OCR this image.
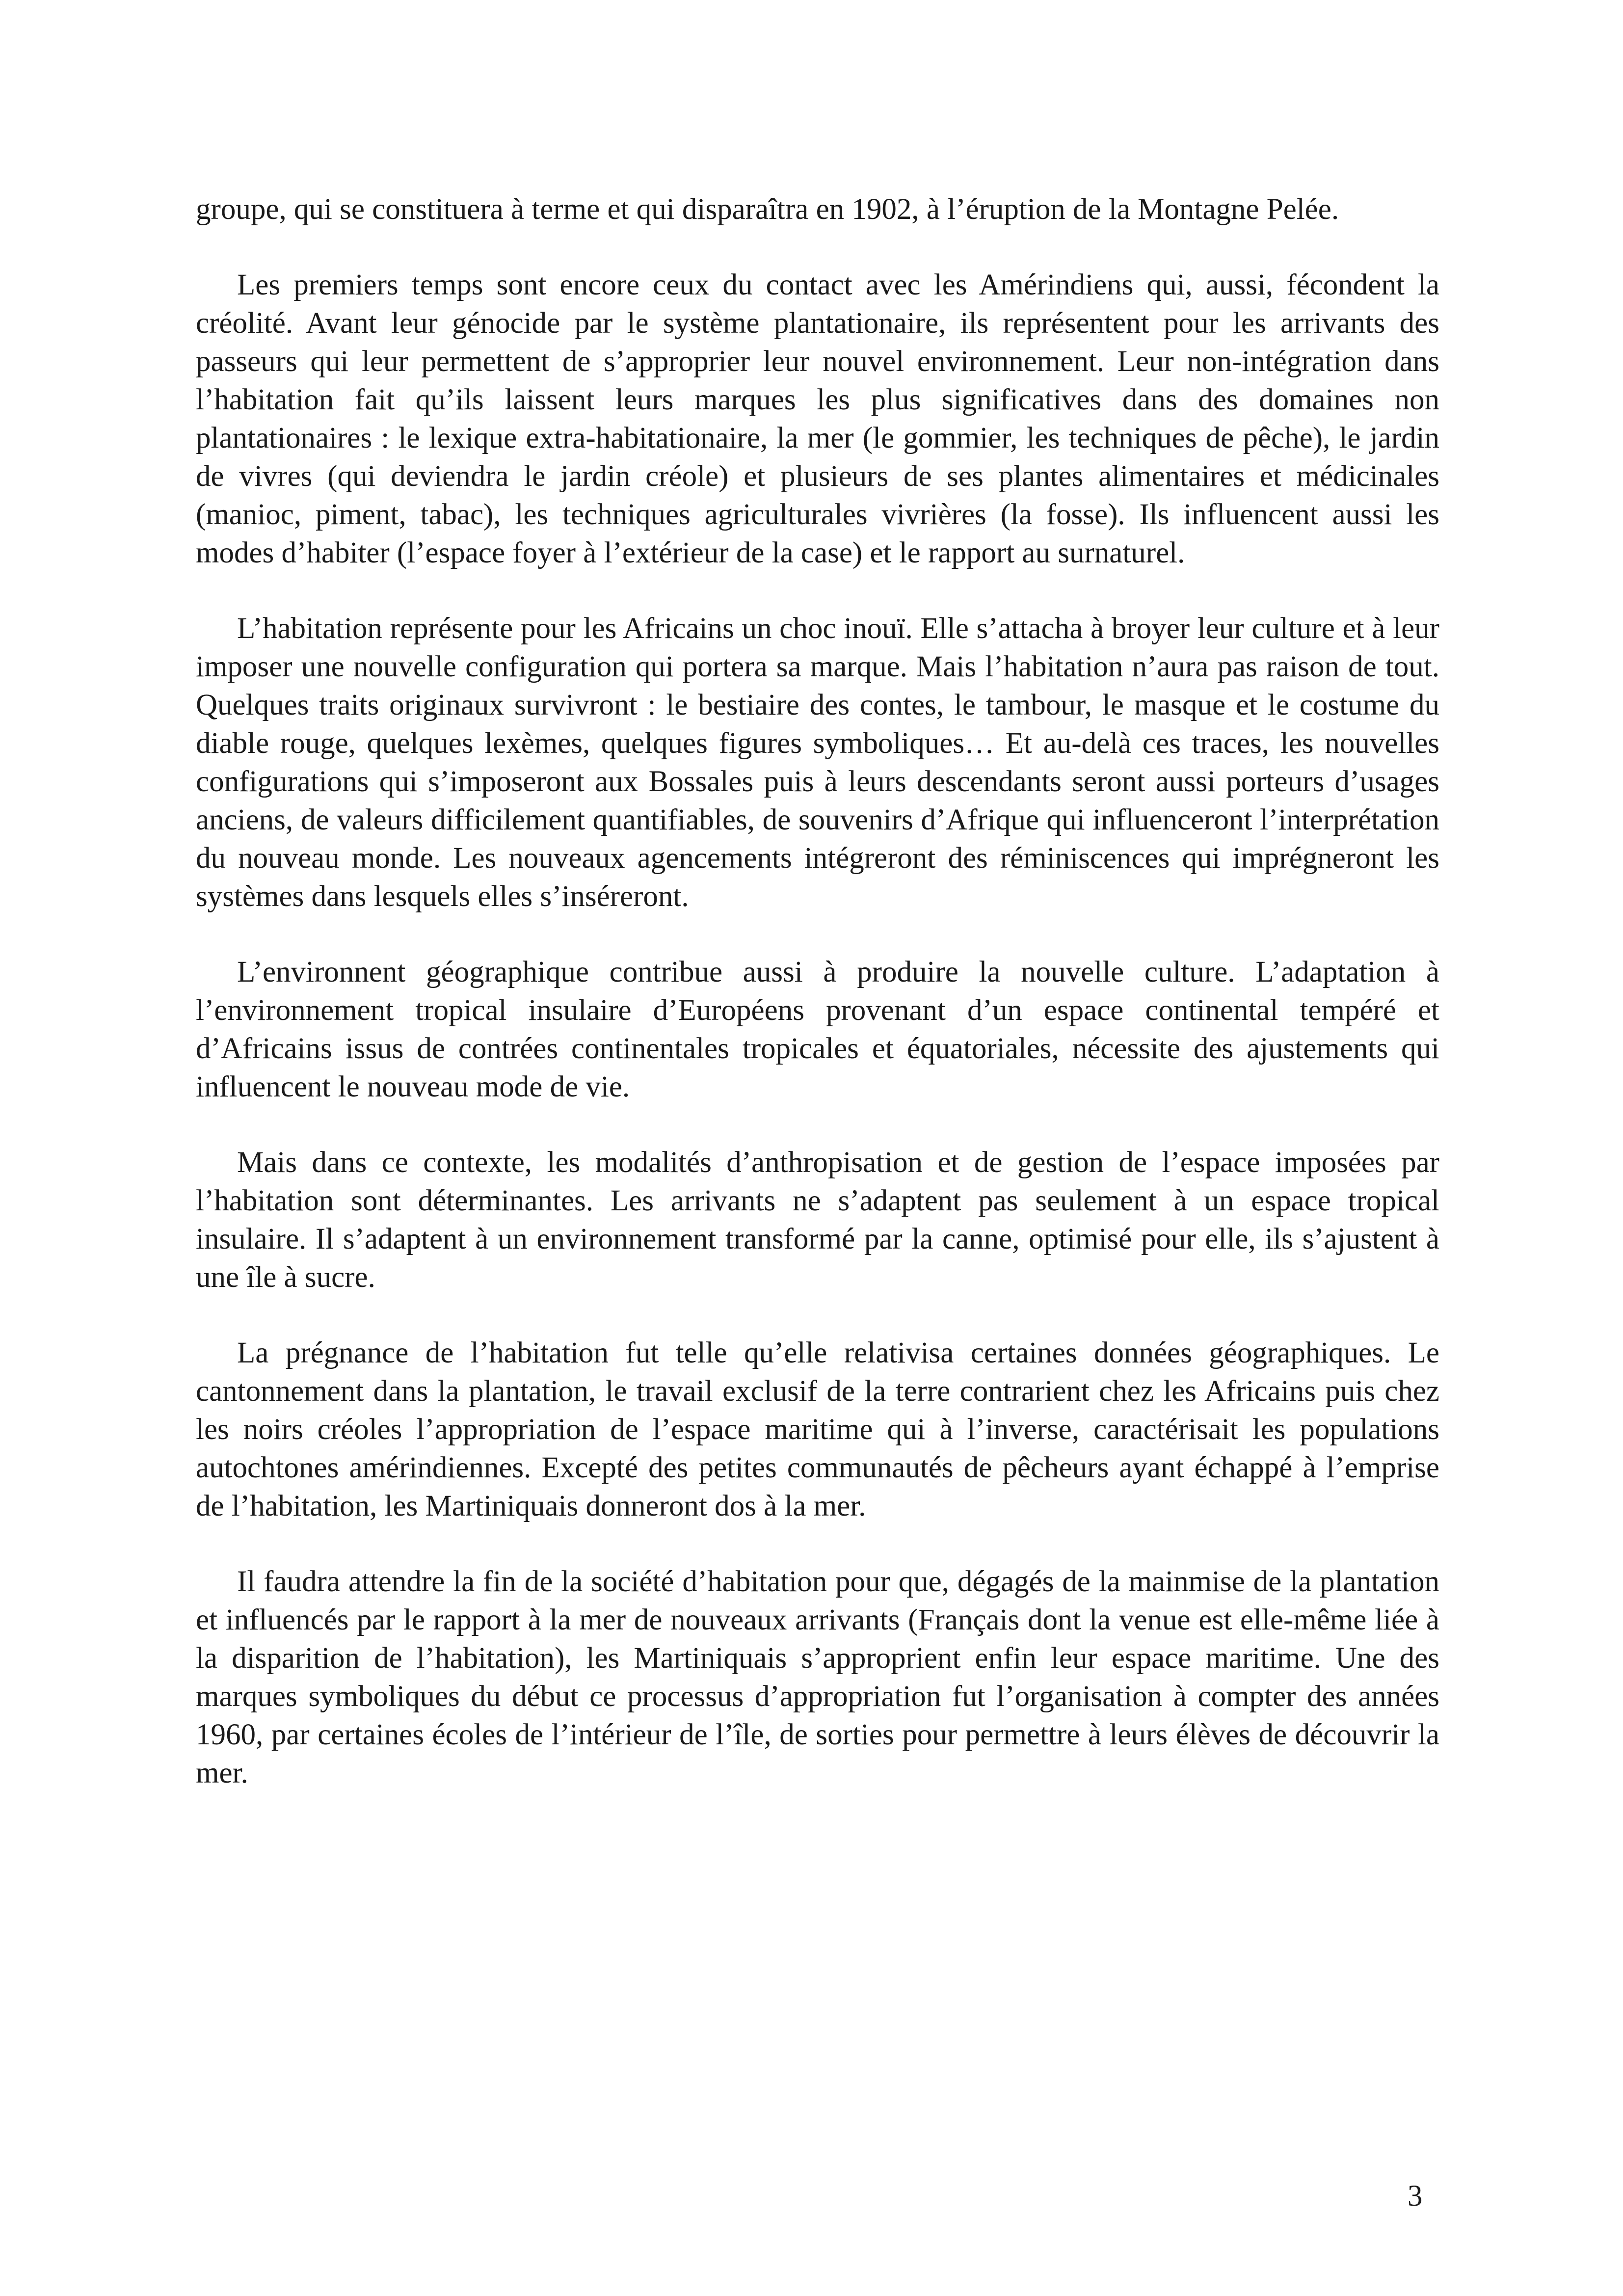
groupe, qui se constituera à terme et qui disparaîtra en 1902, à l’éruption de la Montagne Pelée.

Les premiers temps sont encore ceux du contact avec les Amérindiens qui, aussi, fécondent la créolité. Avant leur génocide par le système plantationaire, ils représentent pour les arrivants des passeurs qui leur permettent de s’approprier leur nouvel environnement. Leur non-intégration dans l’habitation fait qu’ils laissent leurs marques les plus significatives dans des domaines non plantationaires : le lexique extra-habitationaire, la mer (le gommier, les techniques de pêche), le jardin de vivres (qui deviendra le jardin créole) et plusieurs de ses plantes alimentaires et médicinales (manioc, piment, tabac), les techniques agriculturales vivrières (la fosse). Ils influencent aussi les modes d’habiter (l’espace foyer à l’extérieur de la case) et le rapport au surnaturel.

L’habitation représente pour les Africains un choc inouï. Elle s’attacha à broyer leur culture et à leur imposer une nouvelle configuration qui portera sa marque. Mais l’habitation n’aura pas raison de tout. Quelques traits originaux survivront : le bestiaire des contes, le tambour, le masque et le costume du diable rouge, quelques lexèmes, quelques figures symboliques… Et au-delà ces traces, les nouvelles configurations qui s’imposeront aux Bossales puis à leurs descendants seront aussi porteurs d’usages anciens, de valeurs difficilement quantifiables, de souvenirs d’Afrique qui influenceront l’interprétation du nouveau monde. Les nouveaux agencements intégreront des réminiscences qui imprégneront les systèmes dans lesquels elles s’inséreront.

L’environnent géographique contribue aussi à produire la nouvelle culture. L’adaptation à l’environnement tropical insulaire d’Européens provenant d’un espace continental tempéré et d’Africains issus de contrées continentales tropicales et équatoriales, nécessite des ajustements qui influencent le nouveau mode de vie.

Mais dans ce contexte, les modalités d’anthropisation et de gestion de l’espace imposées par l’habitation sont déterminantes. Les arrivants ne s’adaptent pas seulement à un espace tropical insulaire. Il s’adaptent à un environnement transformé par la canne, optimisé pour elle, ils s’ajustent à une île à sucre.

La prégnance de l’habitation fut telle qu’elle relativisa certaines données géographiques. Le cantonnement dans la plantation, le travail exclusif de la terre contrarient chez les Africains puis chez les noirs créoles l’appropriation de l’espace maritime qui à l’inverse, caractérisait les populations autochtones amérindiennes. Excepté des petites communautés de pêcheurs ayant échappé à l’emprise de l’habitation, les Martiniquais donneront dos à la mer.

Il faudra attendre la fin de la société d’habitation pour que, dégagés de la mainmise de la plantation et influencés par le rapport à la mer de nouveaux arrivants (Français dont la venue est elle-même liée à la disparition de l’habitation), les Martiniquais s’approprient enfin leur espace maritime. Une des marques symboliques du début ce processus d’appropriation fut l’organisation à compter des années 1960, par certaines écoles de l’intérieur de l’île, de sorties pour permettre à leurs élèves de découvrir la mer.

3
